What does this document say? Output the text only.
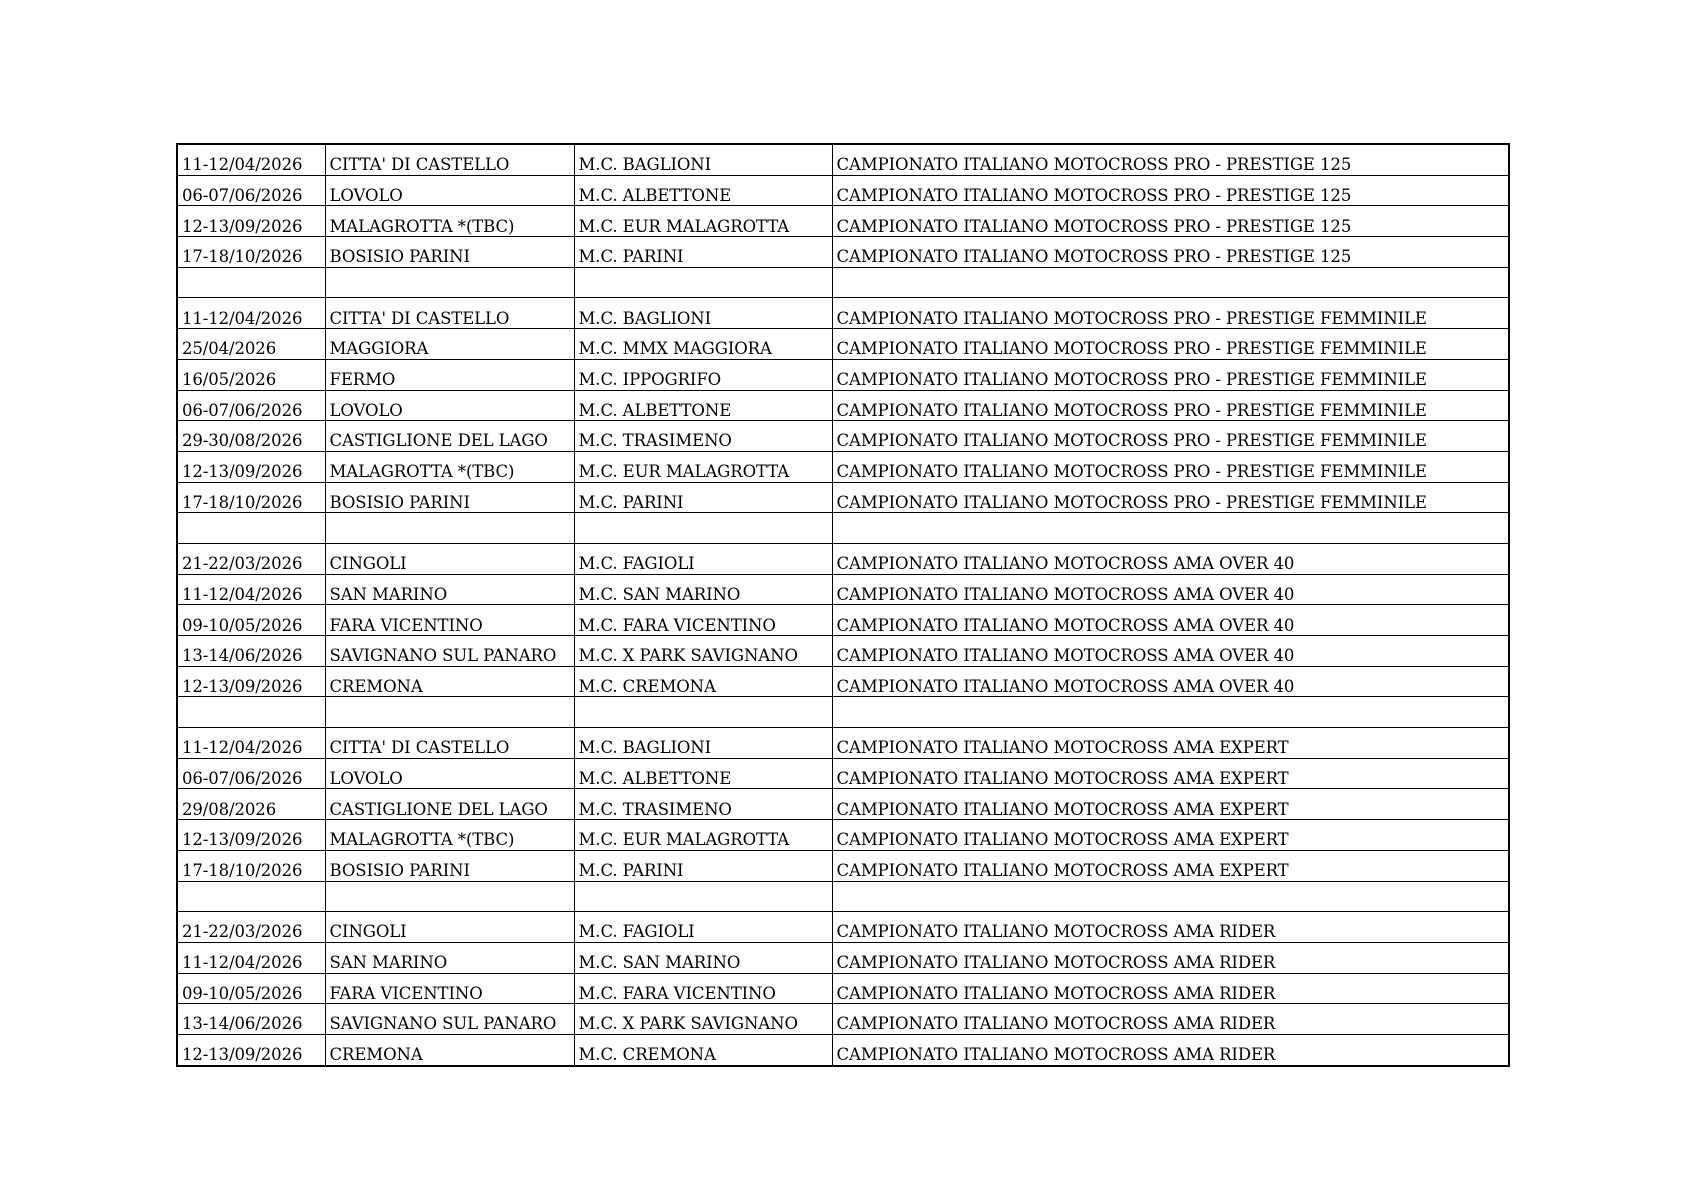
11-12/04/2026	CITTA' DI CASTELLO	M.C. BAGLIONI	CAMPIONATO ITALIANO MOTOCROSS PRO - PRESTIGE 125
06-07/06/2026	LOVOLO	M.C. ALBETTONE	CAMPIONATO ITALIANO MOTOCROSS PRO - PRESTIGE 125
12-13/09/2026	MALAGROTTA *(TBC)	M.C. EUR MALAGROTTA	CAMPIONATO ITALIANO MOTOCROSS PRO - PRESTIGE 125
17-18/10/2026	BOSISIO PARINI	M.C. PARINI	CAMPIONATO ITALIANO MOTOCROSS PRO - PRESTIGE 125

11-12/04/2026	CITTA' DI CASTELLO	M.C. BAGLIONI	CAMPIONATO ITALIANO MOTOCROSS PRO - PRESTIGE FEMMINILE
25/04/2026	MAGGIORA	M.C. MMX MAGGIORA	CAMPIONATO ITALIANO MOTOCROSS PRO - PRESTIGE FEMMINILE
16/05/2026	FERMO	M.C. IPPOGRIFO	CAMPIONATO ITALIANO MOTOCROSS PRO - PRESTIGE FEMMINILE
06-07/06/2026	LOVOLO	M.C. ALBETTONE	CAMPIONATO ITALIANO MOTOCROSS PRO - PRESTIGE FEMMINILE
29-30/08/2026	CASTIGLIONE DEL LAGO	M.C. TRASIMENO	CAMPIONATO ITALIANO MOTOCROSS PRO - PRESTIGE FEMMINILE
12-13/09/2026	MALAGROTTA *(TBC)	M.C. EUR MALAGROTTA	CAMPIONATO ITALIANO MOTOCROSS PRO - PRESTIGE FEMMINILE
17-18/10/2026	BOSISIO PARINI	M.C. PARINI	CAMPIONATO ITALIANO MOTOCROSS PRO - PRESTIGE FEMMINILE

21-22/03/2026	CINGOLI	M.C. FAGIOLI	CAMPIONATO ITALIANO MOTOCROSS AMA OVER 40
11-12/04/2026	SAN MARINO	M.C. SAN MARINO	CAMPIONATO ITALIANO MOTOCROSS AMA OVER 40
09-10/05/2026	FARA VICENTINO	M.C. FARA VICENTINO	CAMPIONATO ITALIANO MOTOCROSS AMA OVER 40
13-14/06/2026	SAVIGNANO SUL PANARO	M.C. X PARK SAVIGNANO	CAMPIONATO ITALIANO MOTOCROSS AMA OVER 40
12-13/09/2026	CREMONA	M.C. CREMONA	CAMPIONATO ITALIANO MOTOCROSS AMA OVER 40

11-12/04/2026	CITTA' DI CASTELLO	M.C. BAGLIONI	CAMPIONATO ITALIANO MOTOCROSS AMA EXPERT
06-07/06/2026	LOVOLO	M.C. ALBETTONE	CAMPIONATO ITALIANO MOTOCROSS AMA EXPERT
29/08/2026	CASTIGLIONE DEL LAGO	M.C. TRASIMENO	CAMPIONATO ITALIANO MOTOCROSS AMA EXPERT
12-13/09/2026	MALAGROTTA *(TBC)	M.C. EUR MALAGROTTA	CAMPIONATO ITALIANO MOTOCROSS AMA EXPERT
17-18/10/2026	BOSISIO PARINI	M.C. PARINI	CAMPIONATO ITALIANO MOTOCROSS AMA EXPERT

21-22/03/2026	CINGOLI	M.C. FAGIOLI	CAMPIONATO ITALIANO MOTOCROSS AMA RIDER
11-12/04/2026	SAN MARINO	M.C. SAN MARINO	CAMPIONATO ITALIANO MOTOCROSS AMA RIDER
09-10/05/2026	FARA VICENTINO	M.C. FARA VICENTINO	CAMPIONATO ITALIANO MOTOCROSS AMA RIDER
13-14/06/2026	SAVIGNANO SUL PANARO	M.C. X PARK SAVIGNANO	CAMPIONATO ITALIANO MOTOCROSS AMA RIDER
12-13/09/2026	CREMONA	M.C. CREMONA	CAMPIONATO ITALIANO MOTOCROSS AMA RIDER
